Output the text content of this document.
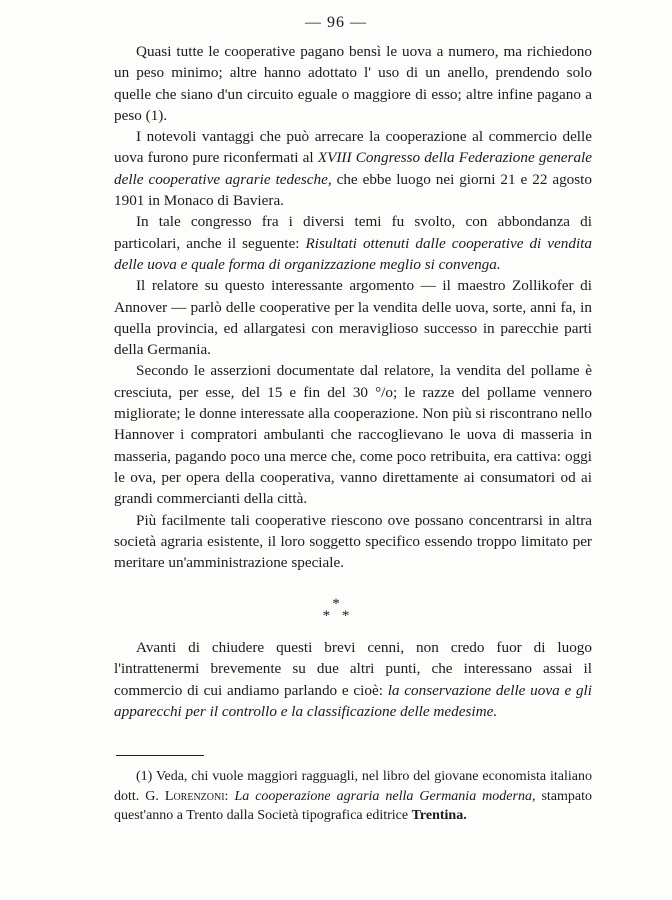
— 96 —

Quasi tutte le cooperative pagano bensì le uova a numero, ma richiedono un peso minimo; altre hanno adottato l' uso di un anello, prendendo solo quelle che siano d'un circuito eguale o maggiore di esso; altre infine pagano a peso (1).

I notevoli vantaggi che può arrecare la cooperazione al commercio delle uova furono pure riconfermati al XVIII Congresso della Federazione generale delle cooperative agrarie tedesche, che ebbe luogo nei giorni 21 e 22 agosto 1901 in Monaco di Baviera.

In tale congresso fra i diversi temi fu svolto, con abbondanza di particolari, anche il seguente: Risultati ottenuti dalle cooperative di vendita delle uova e quale forma di organizzazione meglio si convenga.

Il relatore su questo interessante argomento — il maestro Zollikofer di Annover — parlò delle cooperative per la vendita delle uova, sorte, anni fa, in quella provincia, ed allargatesi con meraviglioso successo in parecchie parti della Germania.

Secondo le asserzioni documentate dal relatore, la vendita del pollame è cresciuta, per esse, del 15 e fin del 30 °/o; le razze del pollame vennero migliorate; le donne interessate alla cooperazione. Non più si riscontrano nello Hannover i compratori ambulanti che raccoglievano le uova di masseria in masseria, pagando poco una merce che, come poco retribuita, era cattiva: oggi le ova, per opera della cooperativa, vanno direttamente ai consumatori od ai grandi commercianti della città.

Più facilmente tali cooperative riescono ove possano concentrarsi in altra società agraria esistente, il loro soggetto specifico essendo troppo limitato per meritare un'amministrazione speciale.

*
* *

Avanti di chiudere questi brevi cenni, non credo fuor di luogo l'intrattenermi brevemente su due altri punti, che interessano assai il commercio di cui andiamo parlando e cioè: la conservazione delle uova e gli apparecchi per il controllo e la classificazione delle medesime.

(1) Veda, chi vuole maggiori ragguagli, nel libro del giovane economista italiano dott. G. Lorenzoni: La cooperazione agraria nella Germania moderna, stampato quest'anno a Trento dalla Società tipografica editrice Trentina.
